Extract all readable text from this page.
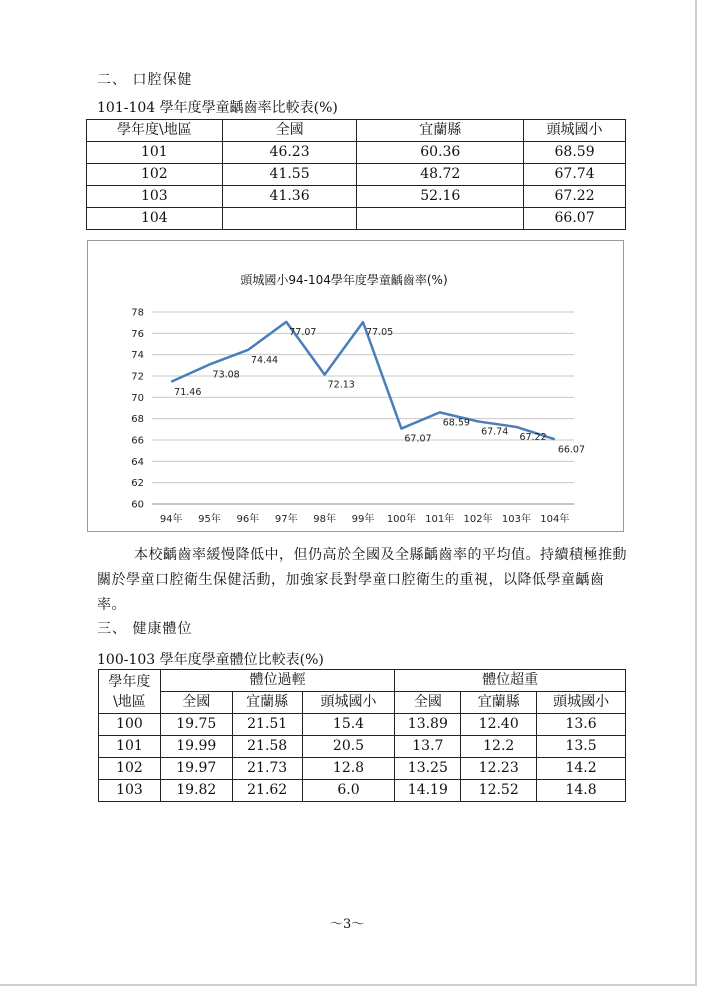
二、 口腔保健
101-104 學年度學童齲齒率比較表(%)
學年度\地區	全國	宜蘭縣	頭城國小
101	46.23	60.36	68.59
102	41.55	48.72	67.74
103	41.36	52.16	67.22
104			66.07
頭城國小94-104學年度學童齲齒率(%)
60
62
64
66
68
70
72
74
76
78
94年 95年 96年 97年 98年 99年 100年 101年 102年 103年 104年
71.46
73.08
74.44
77.07
72.13
77.05
67.07
68.59
67.74
67.22
66.07
本校齲齒率緩慢降低中，但仍高於全國及全縣齲齒率的平均值。持續積極推動關於學童口腔衛生保健活動，加強家長對學童口腔衛生的重視，以降低學童齲齒率。
三、 健康體位
100-103 學年度學童體位比較表(%)
學年度
\地區	體位過輕			體位超重		
	全國	宜蘭縣	頭城國小	全國	宜蘭縣	頭城國小
100	19.75	21.51	15.4	13.89	12.40	13.6
101	19.99	21.58	20.5	13.7	12.2	13.5
102	19.97	21.73	12.8	13.25	12.23	14.2
103	19.82	21.62	6.0	14.19	12.52	14.8
～3～
